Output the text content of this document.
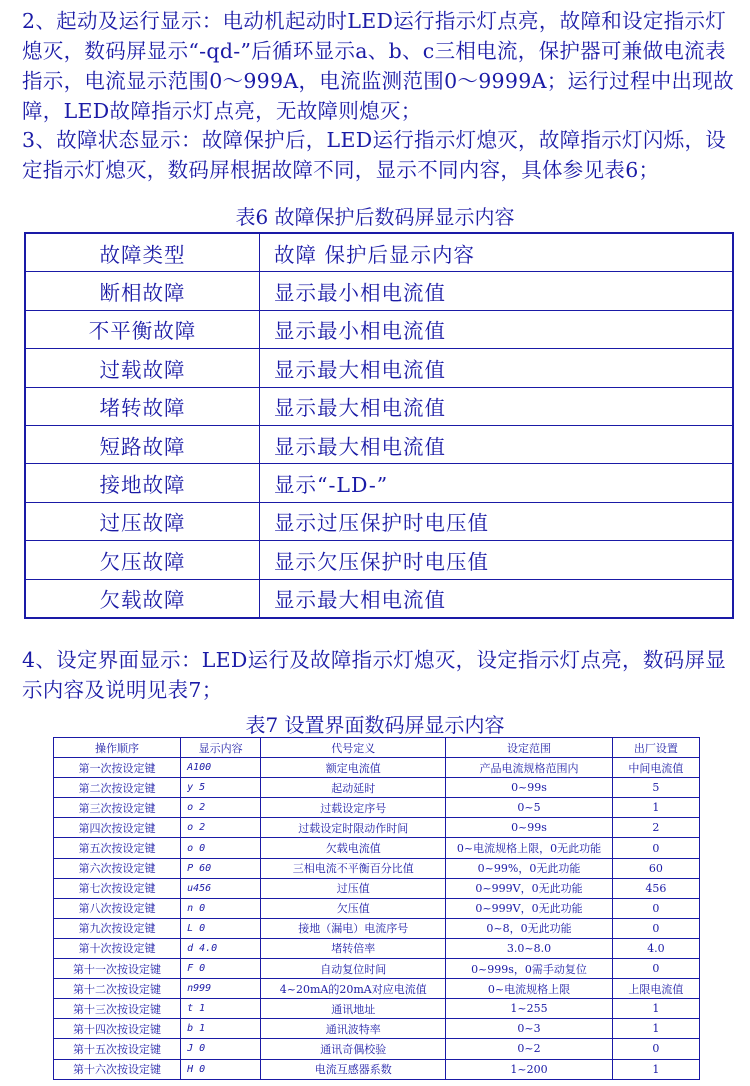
2、起动及运行显示：电动机起动时LED运行指示灯点亮，故障和设定指示灯熄灭，数码屏显示“-qd-”后循环显示a、b、c三相电流，保护器可兼做电流表指示，电流显示范围0～999A，电流监测范围0～9999A；运行过程中出现故障，LED故障指示灯点亮，无故障则熄灭；

3、故障状态显示：故障保护后，LED运行指示灯熄灭，故障指示灯闪烁，设定指示灯熄灭，数码屏根据故障不同，显示不同内容，具体参见表6；

表6 故障保护后数码屏显示内容
故障类型	故障 保护后显示内容
断相故障	显示最小相电流值
不平衡故障	显示最小相电流值
过载故障	显示最大相电流值
堵转故障	显示最大相电流值
短路故障	显示最大相电流值
接地故障	显示“-LD-”
过压故障	显示过压保护时电压值
欠压故障	显示欠压保护时电压值
欠载故障	显示最大相电流值

4、设定界面显示：LED运行及故障指示灯熄灭，设定指示灯点亮，数码屏显示内容及说明见表7；

表7 设置界面数码屏显示内容
操作顺序	显示内容	代号定义	设定范围	出厂设置
第一次按设定键	A100	额定电流值	产品电流规格范围内	中间电流值
第二次按设定键	y 5	起动延时	0~99s	5
第三次按设定键	o 2	过载设定序号	0~5	1
第四次按设定键	o 2	过载设定时限动作时间	0~99s	2
第五次按设定键	o 0	欠载电流值	0~电流规格上限，0无此功能	0
第六次按设定键	P 60	三相电流不平衡百分比值	0~99%，0无此功能	60
第七次按设定键	u456	过压值	0~999V，0无此功能	456
第八次按设定键	n 0	欠压值	0~999V，0无此功能	0
第九次按设定键	L 0	接地（漏电）电流序号	0~8，0无此功能	0
第十次按设定键	d 4.0	堵转倍率	3.0~8.0	4.0
第十一次按设定键	F 0	自动复位时间	0~999s，0需手动复位	0
第十二次按设定键	n999	4~20mA的20mA对应电流值	0~电流规格上限	上限电流值
第十三次按设定键	t 1	通讯地址	1~255	1
第十四次按设定键	b 1	通讯波特率	0~3	1
第十五次按设定键	J 0	通讯奇偶校验	0~2	0
第十六次按设定键	H 0	电流互感器系数	1~200	1
